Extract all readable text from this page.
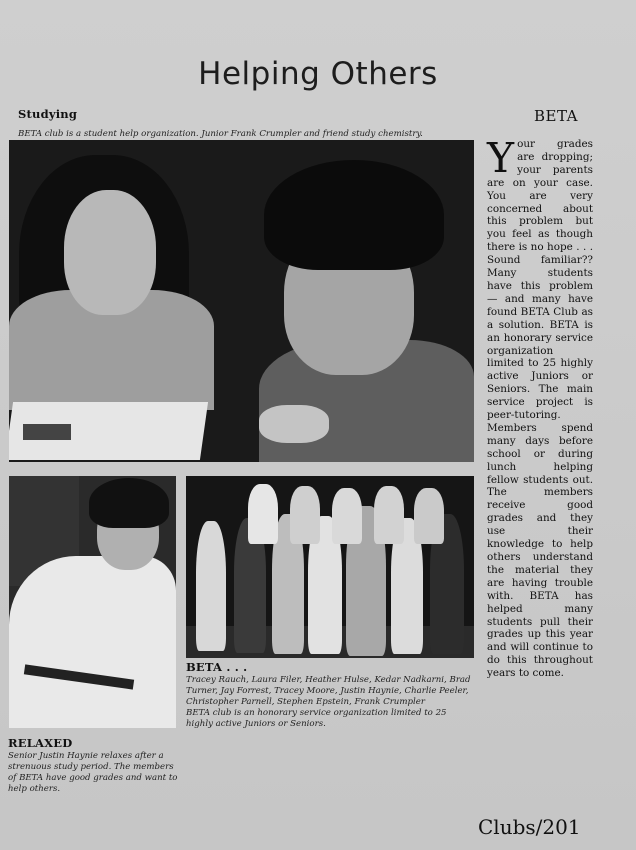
Helping Others
Studying
BETA club is a student help organization. Junior Frank Crumpler and friend study chemistry.
BETA . . .
Tracey Rauch, Laura Filer, Heather Hulse, Kedar Nadkarni, Brad Turner, Jay Forrest, Tracey Moore, Justin Haynie, Charlie Peeler, Christopher Parnell, Stephen Epstein, Frank Crumpler
BETA club is an honorary service organization limited to 25 highly active Juniors or Seniors.
RELAXED
Senior Justin Haynie relaxes after a strenuous study period. The members of BETA have good grades and want to help others.
BETA
Your grades are dropping; your parents are on your case. You are very concerned about this problem but you feel as though there is no hope . . . Sound familiar?? Many students have this problem — and many have found BETA Club as a solution. BETA is an honorary service organization limited to 25 highly active Juniors or Seniors. The main service project is peer-tutoring. Members spend many days before school or during lunch helping fellow students out. The members receive good grades and they use their knowledge to help others understand the material they are having trouble with. BETA has helped many students pull their grades up this year and will continue to do this throughout years to come.
Clubs/201
